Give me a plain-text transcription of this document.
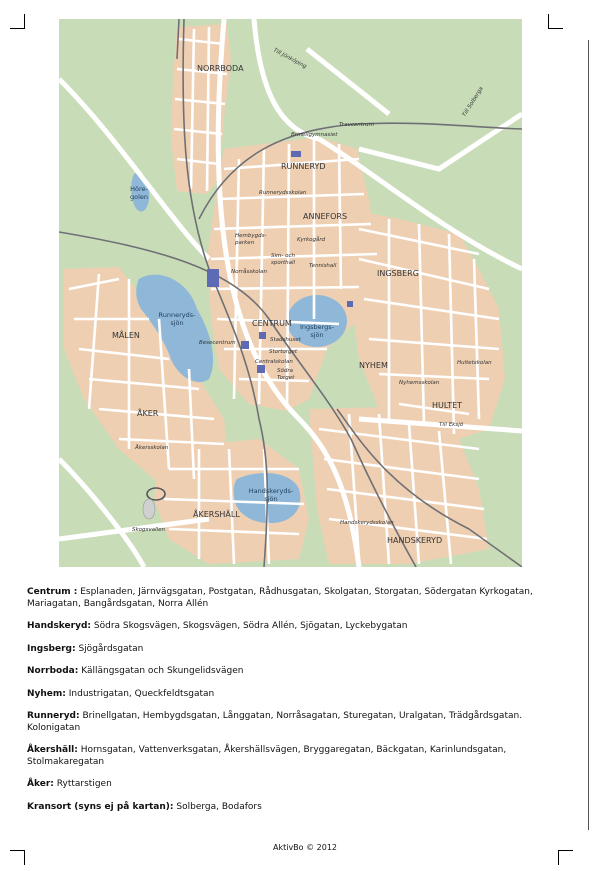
NORRBODA
RUNNERYD
ANNEFORS
INGSBERG
CENTRUM
NYHEM
HULTET
MÅLEN
ÅKER
ÅKERSHÄLL
HANDSKERYD
Höre-
golen
Runneryds-
sjön	Ingsbergs-
sjön
Handskeryds-
sjön
Brinellgymnasiet
Runnerydsskolan
Hembygds-
parken	Kyrkogård
Sim- och
sporthall	Tennishall
Norråsskolan
Stadshuset
Stortorget
Centralskolan
Södra
Torget
Besecentrum
Hultetskolan
Nyhemsskolan
Åkersskolan
Skogsvallen
Handskerydsskolan
Travcentrum
Till Eksjö
Till Jönköping
Till Solberga
Centrum : Esplanaden, Järnvägsgatan, Postgatan, Rådhusgatan, Skolgatan, Storgatan, Södergatan Kyrkogatan, Mariagatan, Bangårdsgatan, Norra Allén
Handskeryd: Södra Skogsvägen, Skogsvägen, Södra Allén, Sjögatan, Lyckebygatan
Ingsberg: Sjögårdsgatan
Norrboda: Källängsgatan och Skungelidsvägen
Nyhem: Industrigatan, Queckfeldtsgatan
Runneryd: Brinellgatan, Hembygdsgatan, Långgatan, Norråsagatan, Sturegatan, Uralgatan, Trädgårdsgatan. Kolonigatan
Åkershäll: Hornsgatan, Vattenverksgatan, Åkershällsvägen, Bryggaregatan, Bäckgatan, Karinlundsgatan, Stolmakaregatan
Åker: Ryttarstigen
Kransort (syns ej på kartan): Solberga, Bodafors
AktivBo © 2012
